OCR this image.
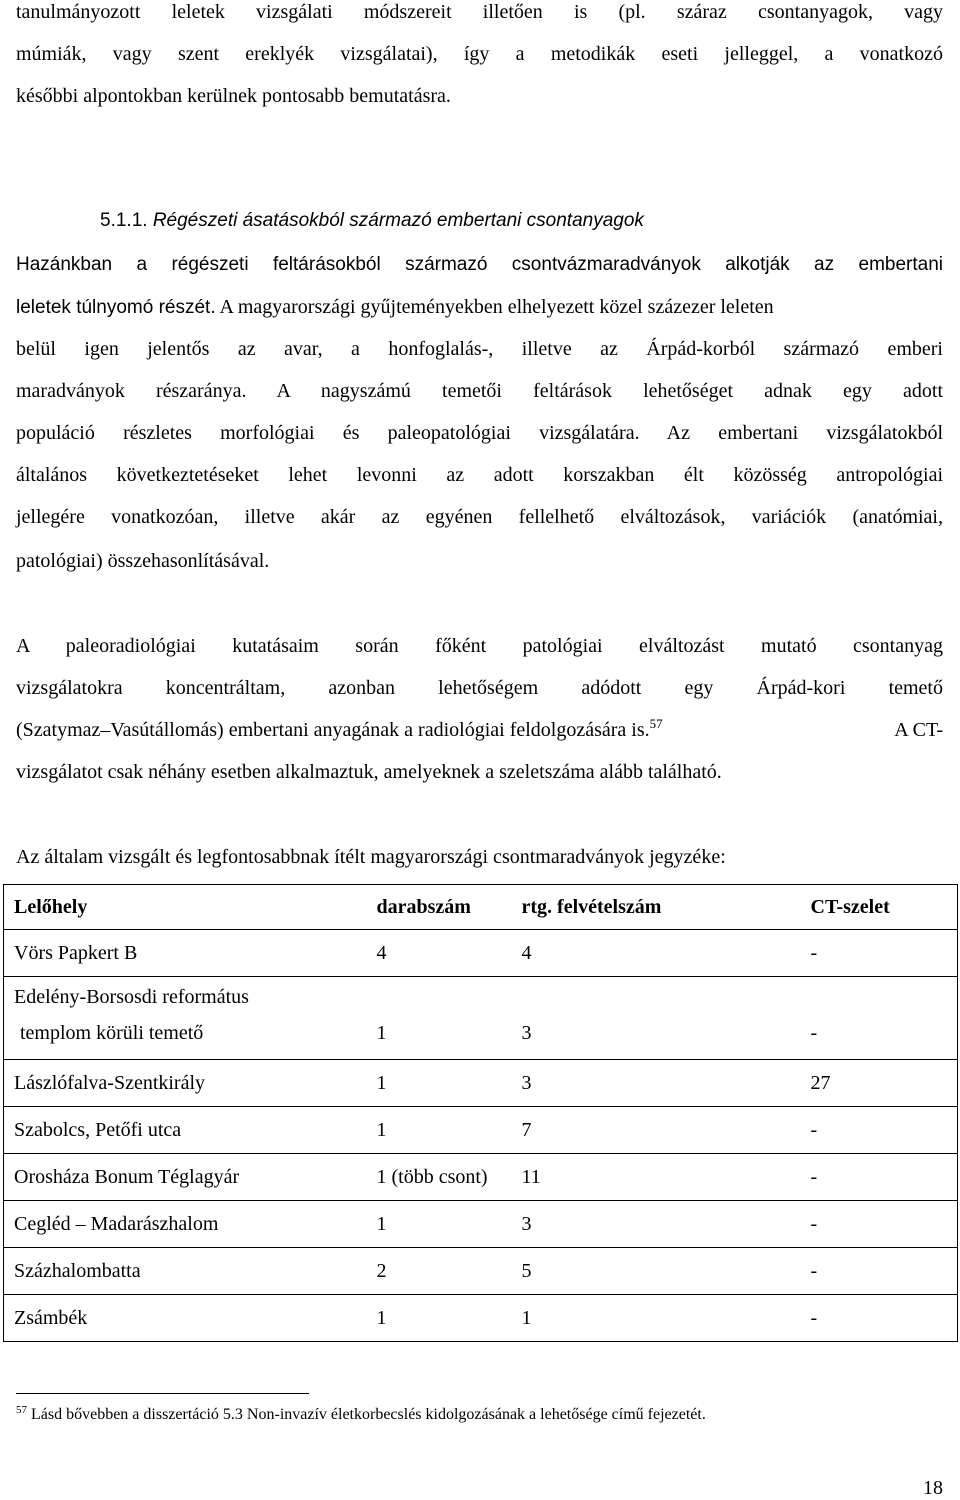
tanulmányozott leletek vizsgálati módszereit illetően is (pl. száraz csontanyagok, vagy
múmiák, vagy szent ereklyék vizsgálatai), így a metodikák eseti jelleggel, a vonatkozó
későbbi alpontokban kerülnek pontosabb bemutatásra.
5.1.1. Régészeti ásatásokból származó embertani csontanyagok
Hazánkban a régészeti feltárásokból származó csontvázmaradványok alkotják az embertani
leletek túlnyomó részét. A magyarországi gyűjteményekben elhelyezett közel százezer leleten
belül igen jelentős az avar, a honfoglalás-, illetve az Árpád-korból származó emberi
maradványok részaránya. A nagyszámú temetői feltárások lehetőséget adnak egy adott
populáció részletes morfológiai és paleopatológiai vizsgálatára. Az embertani vizsgálatokból
általános következtetéseket lehet levonni az adott korszakban élt közösség antropológiai
jellegére vonatkozóan, illetve akár az egyénen fellelhető elváltozások, variációk (anatómiai,
patológiai) összehasonlításával.
A paleoradiológiai kutatásaim során főként patológiai elváltozást mutató csontanyag
vizsgálatokra koncentráltam, azonban lehetőségem adódott egy Árpád-kori temető
(Szatymaz–Vasútállomás) embertani anyagának a radiológiai feldolgozására is.$^{57}$	A CT-
vizsgálatot csak néhány esetben alkalmaztuk, amelyeknek a szeletszáma alább található.
Az általam vizsgált és legfontosabbnak ítélt magyarországi csontmaradványok jegyzéke:
Lelőhely	darabszám	rtg. felvételszám	CT-szelet
Vörs Papkert B	4	4	-

Edelény-Borsosdi református
templom körüli temető	1	3	-

Lászlófalva-Szentkirály	1	3	27
Szabolcs, Petőfi utca	1	7	-
Orosháza Bonum Téglagyár	1 (több csont)	11	-
Cegléd – Madarászhalom	1	3	-
Százhalombatta	2	5	-
Zsámbék	1	1	-
$^{57}$ Lásd bővebben a disszertáció 5.3 Non-invazív életkorbecslés kidolgozásának a lehetősége című fejezetét.
18
